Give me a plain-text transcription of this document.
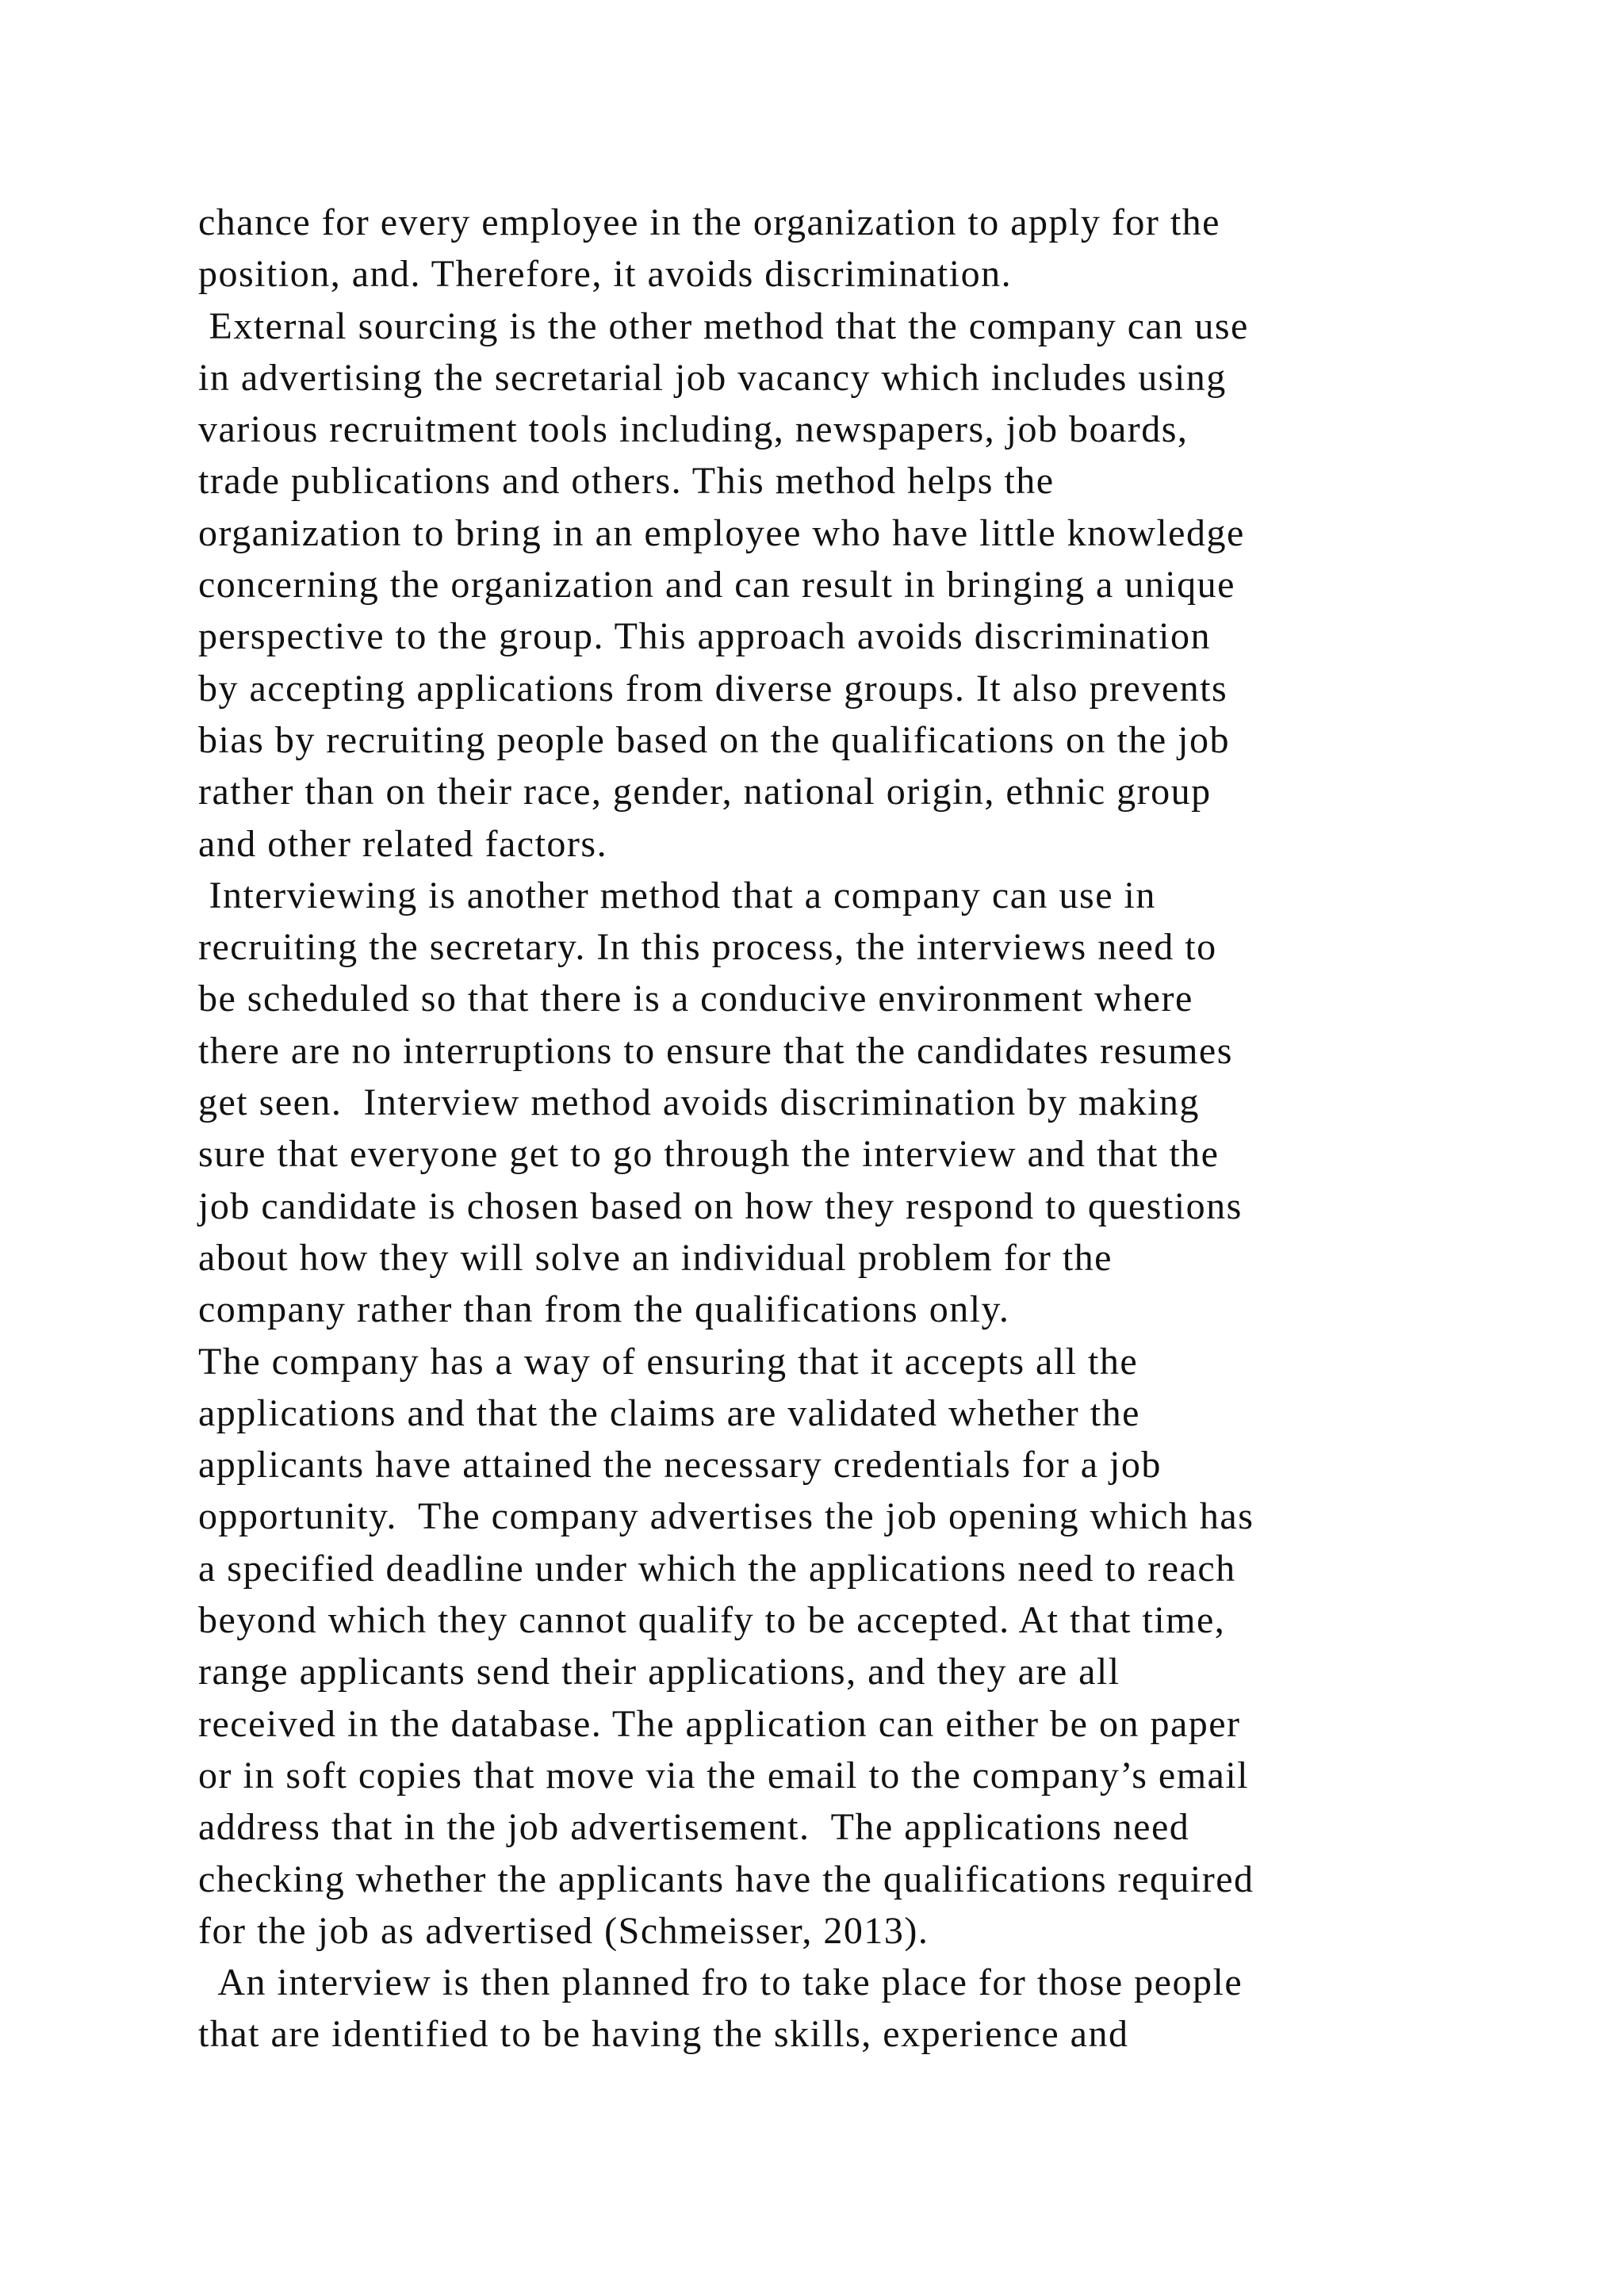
chance for every employee in the organization to apply for the
position, and. Therefore, it avoids discrimination.
External sourcing is the other method that the company can use
in advertising the secretarial job vacancy which includes using
various recruitment tools including, newspapers, job boards,
trade publications and others. This method helps the
organization to bring in an employee who have little knowledge
concerning the organization and can result in bringing a unique
perspective to the group. This approach avoids discrimination
by accepting applications from diverse groups. It also prevents
bias by recruiting people based on the qualifications on the job
rather than on their race, gender, national origin, ethnic group
and other related factors.
Interviewing is another method that a company can use in
recruiting the secretary. In this process, the interviews need to
be scheduled so that there is a conducive environment where
there are no interruptions to ensure that the candidates resumes
get seen.  Interview method avoids discrimination by making
sure that everyone get to go through the interview and that the
job candidate is chosen based on how they respond to questions
about how they will solve an individual problem for the
company rather than from the qualifications only.
The company has a way of ensuring that it accepts all the
applications and that the claims are validated whether the
applicants have attained the necessary credentials for a job
opportunity.  The company advertises the job opening which has
a specified deadline under which the applications need to reach
beyond which they cannot qualify to be accepted. At that time,
range applicants send their applications, and they are all
received in the database. The application can either be on paper
or in soft copies that move via the email to the company’s email
address that in the job advertisement.  The applications need
checking whether the applicants have the qualifications required
for the job as advertised (Schmeisser, 2013).
An interview is then planned fro to take place for those people
that are identified to be having the skills, experience and
